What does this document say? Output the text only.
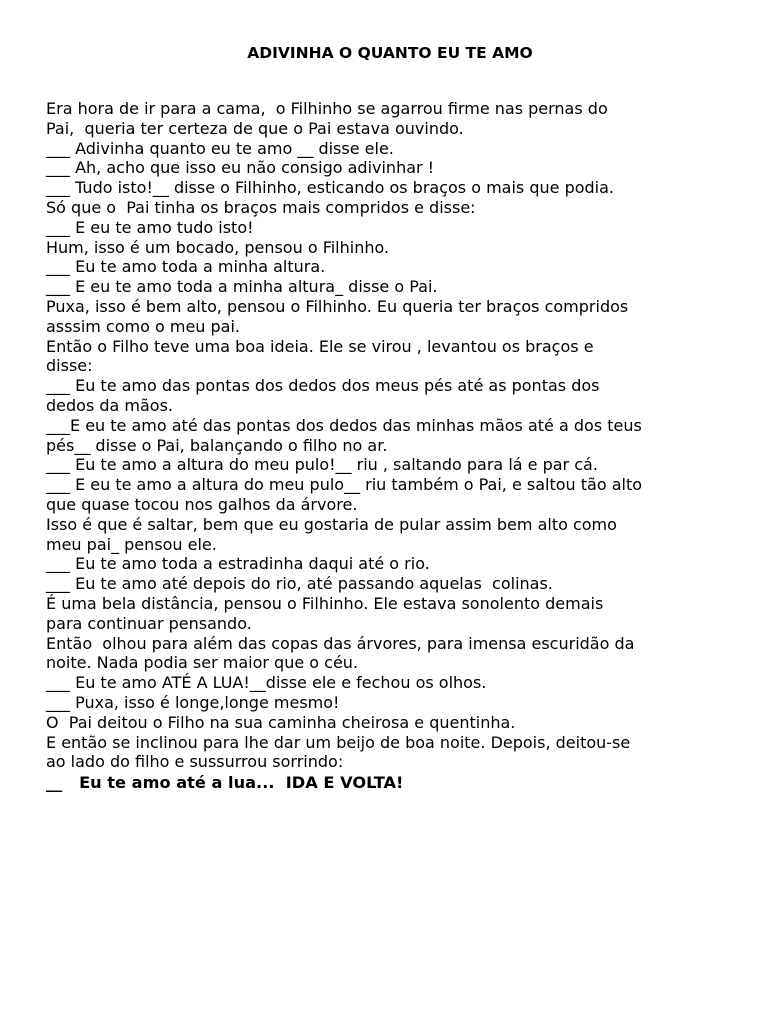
ADIVINHA O QUANTO EU TE AMO
Era hora de ir para a cama,  o Filhinho se agarrou firme nas pernas do
Pai,  queria ter certeza de que o Pai estava ouvindo.
___ Adivinha quanto eu te amo __ disse ele.
___ Ah, acho que isso eu não consigo adivinhar !
___ Tudo isto!__ disse o Filhinho, esticando os braços o mais que podia.
Só que o  Pai tinha os braços mais compridos e disse:
___ E eu te amo tudo isto!
Hum, isso é um bocado, pensou o Filhinho.
___ Eu te amo toda a minha altura.
___ E eu te amo toda a minha altura_ disse o Pai.
Puxa, isso é bem alto, pensou o Filhinho. Eu queria ter braços compridos
asssim como o meu pai.
Então o Filho teve uma boa ideia. Ele se virou , levantou os braços e
disse:
___ Eu te amo das pontas dos dedos dos meus pés até as pontas dos
dedos da mãos.
___E eu te amo até das pontas dos dedos das minhas mãos até a dos teus
pés__ disse o Pai, balançando o filho no ar.
___ Eu te amo a altura do meu pulo!__ riu , saltando para lá e par cá.
___ E eu te amo a altura do meu pulo__ riu também o Pai, e saltou tão alto
que quase tocou nos galhos da árvore.
Isso é que é saltar, bem que eu gostaria de pular assim bem alto como
meu pai_ pensou ele.
___ Eu te amo toda a estradinha daqui até o rio.
___ Eu te amo até depois do rio, até passando aquelas  colinas.
É uma bela distância, pensou o Filhinho. Ele estava sonolento demais
para continuar pensando.
Então  olhou para além das copas das árvores, para imensa escuridão da
noite. Nada podia ser maior que o céu.
___ Eu te amo ATÉ A LUA!__disse ele e fechou os olhos.
___ Puxa, isso é longe,longe mesmo!
O  Pai deitou o Filho na sua caminha cheirosa e quentinha.
E então se inclinou para lhe dar um beijo de boa noite. Depois, deitou-se
ao lado do filho e sussurrou sorrindo:
__   Eu te amo até a lua...  IDA E VOLTA!
